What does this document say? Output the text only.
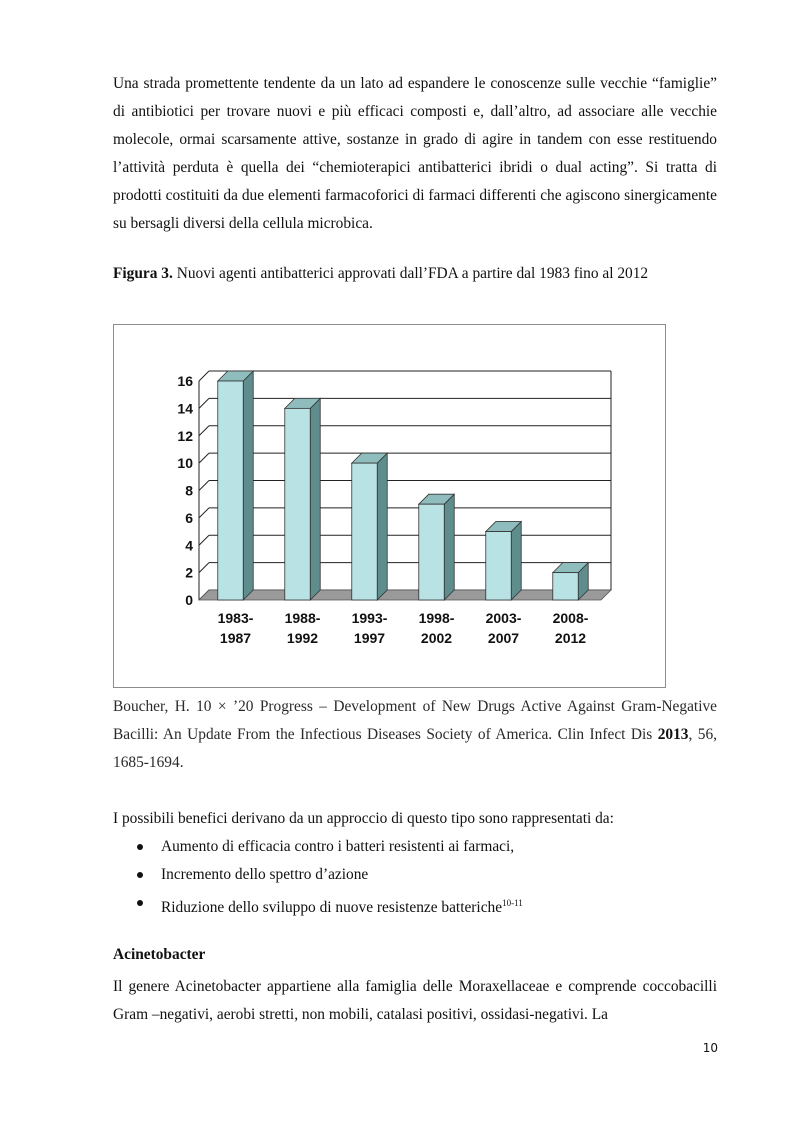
Una strada promettente tendente da un lato ad espandere le conoscenze sulle vecchie “famiglie” di antibiotici per trovare nuovi e più efficaci composti e, dall’altro, ad associare alle vecchie molecole, ormai scarsamente attive, sostanze in grado di agire in tandem con esse restituendo l’attività perduta è quella dei “chemioterapici antibatterici ibridi o dual acting”. Si tratta di prodotti costituiti da due elementi farmacoforici di farmaci differenti che agiscono sinergicamente su bersagli diversi della cellula microbica.

Figura 3. Nuovi agenti antibatterici approvati dall’FDA a partire dal 1983 fino al 2012

0
2
4
6
8
10
12
14
16
1983-
1987
1988-
1992
1993-
1997
1998-
2002
2003-
2007
2008-
2012

Boucher, H. 10 × ’20 Progress – Development of New Drugs Active Against Gram-Negative Bacilli: An Update From the Infectious Diseases Society of America. Clin Infect Dis 2013, 56, 1685-1694.

I possibili benefici derivano da un approccio di questo tipo sono rappresentati da:

Aumento di efficacia contro i batteri resistenti ai farmaci,
Incremento dello spettro d’azione
Riduzione dello sviluppo di nuove resistenze batteriche$^{10-11}$

Acinetobacter

Il genere Acinetobacter appartiene alla famiglia delle Moraxellaceae e comprende coccobacilli Gram –negativi, aerobi stretti, non mobili, catalasi positivi, ossidasi-negativi. La

10
